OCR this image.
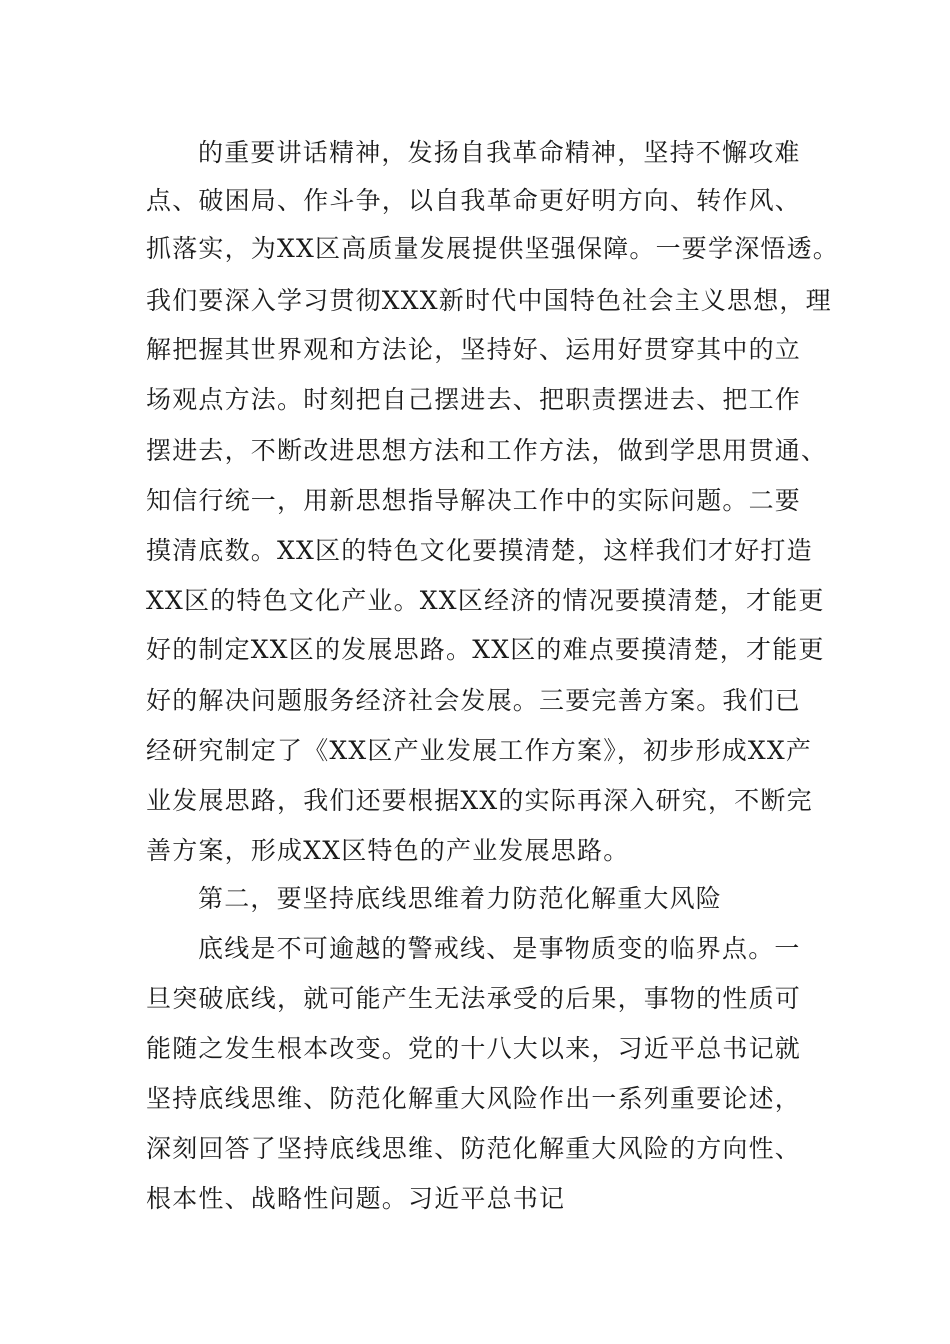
的重要讲话精神，发扬自我革命精神，坚持不懈攻难
点、破困局、作斗争，以自我革命更好明方向、转作风、
抓落实，为XX区高质量发展提供坚强保障。一要学深悟透。
我们要深入学习贯彻XXX新时代中国特色社会主义思想，理
解把握其世界观和方法论，坚持好、运用好贯穿其中的立
场观点方法。时刻把自己摆进去、把职责摆进去、把工作
摆进去，不断改进思想方法和工作方法，做到学思用贯通、
知信行统一，用新思想指导解决工作中的实际问题。二要
摸清底数。XX区的特色文化要摸清楚，这样我们才好打造
XX区的特色文化产业。XX区经济的情况要摸清楚，才能更
好的制定XX区的发展思路。XX区的难点要摸清楚，才能更
好的解决问题服务经济社会发展。三要完善方案。我们已
经研究制定了《XX区产业发展工作方案》，初步形成XX产
业发展思路，我们还要根据XX的实际再深入研究，不断完
善方案，形成XX区特色的产业发展思路。
第二，要坚持底线思维着力防范化解重大风险
底线是不可逾越的警戒线、是事物质变的临界点。一
旦突破底线，就可能产生无法承受的后果，事物的性质可
能随之发生根本改变。党的十八大以来，习近平总书记就
坚持底线思维、防范化解重大风险作出一系列重要论述，
深刻回答了坚持底线思维、防范化解重大风险的方向性、
根本性、战略性问题。习近平总书记
